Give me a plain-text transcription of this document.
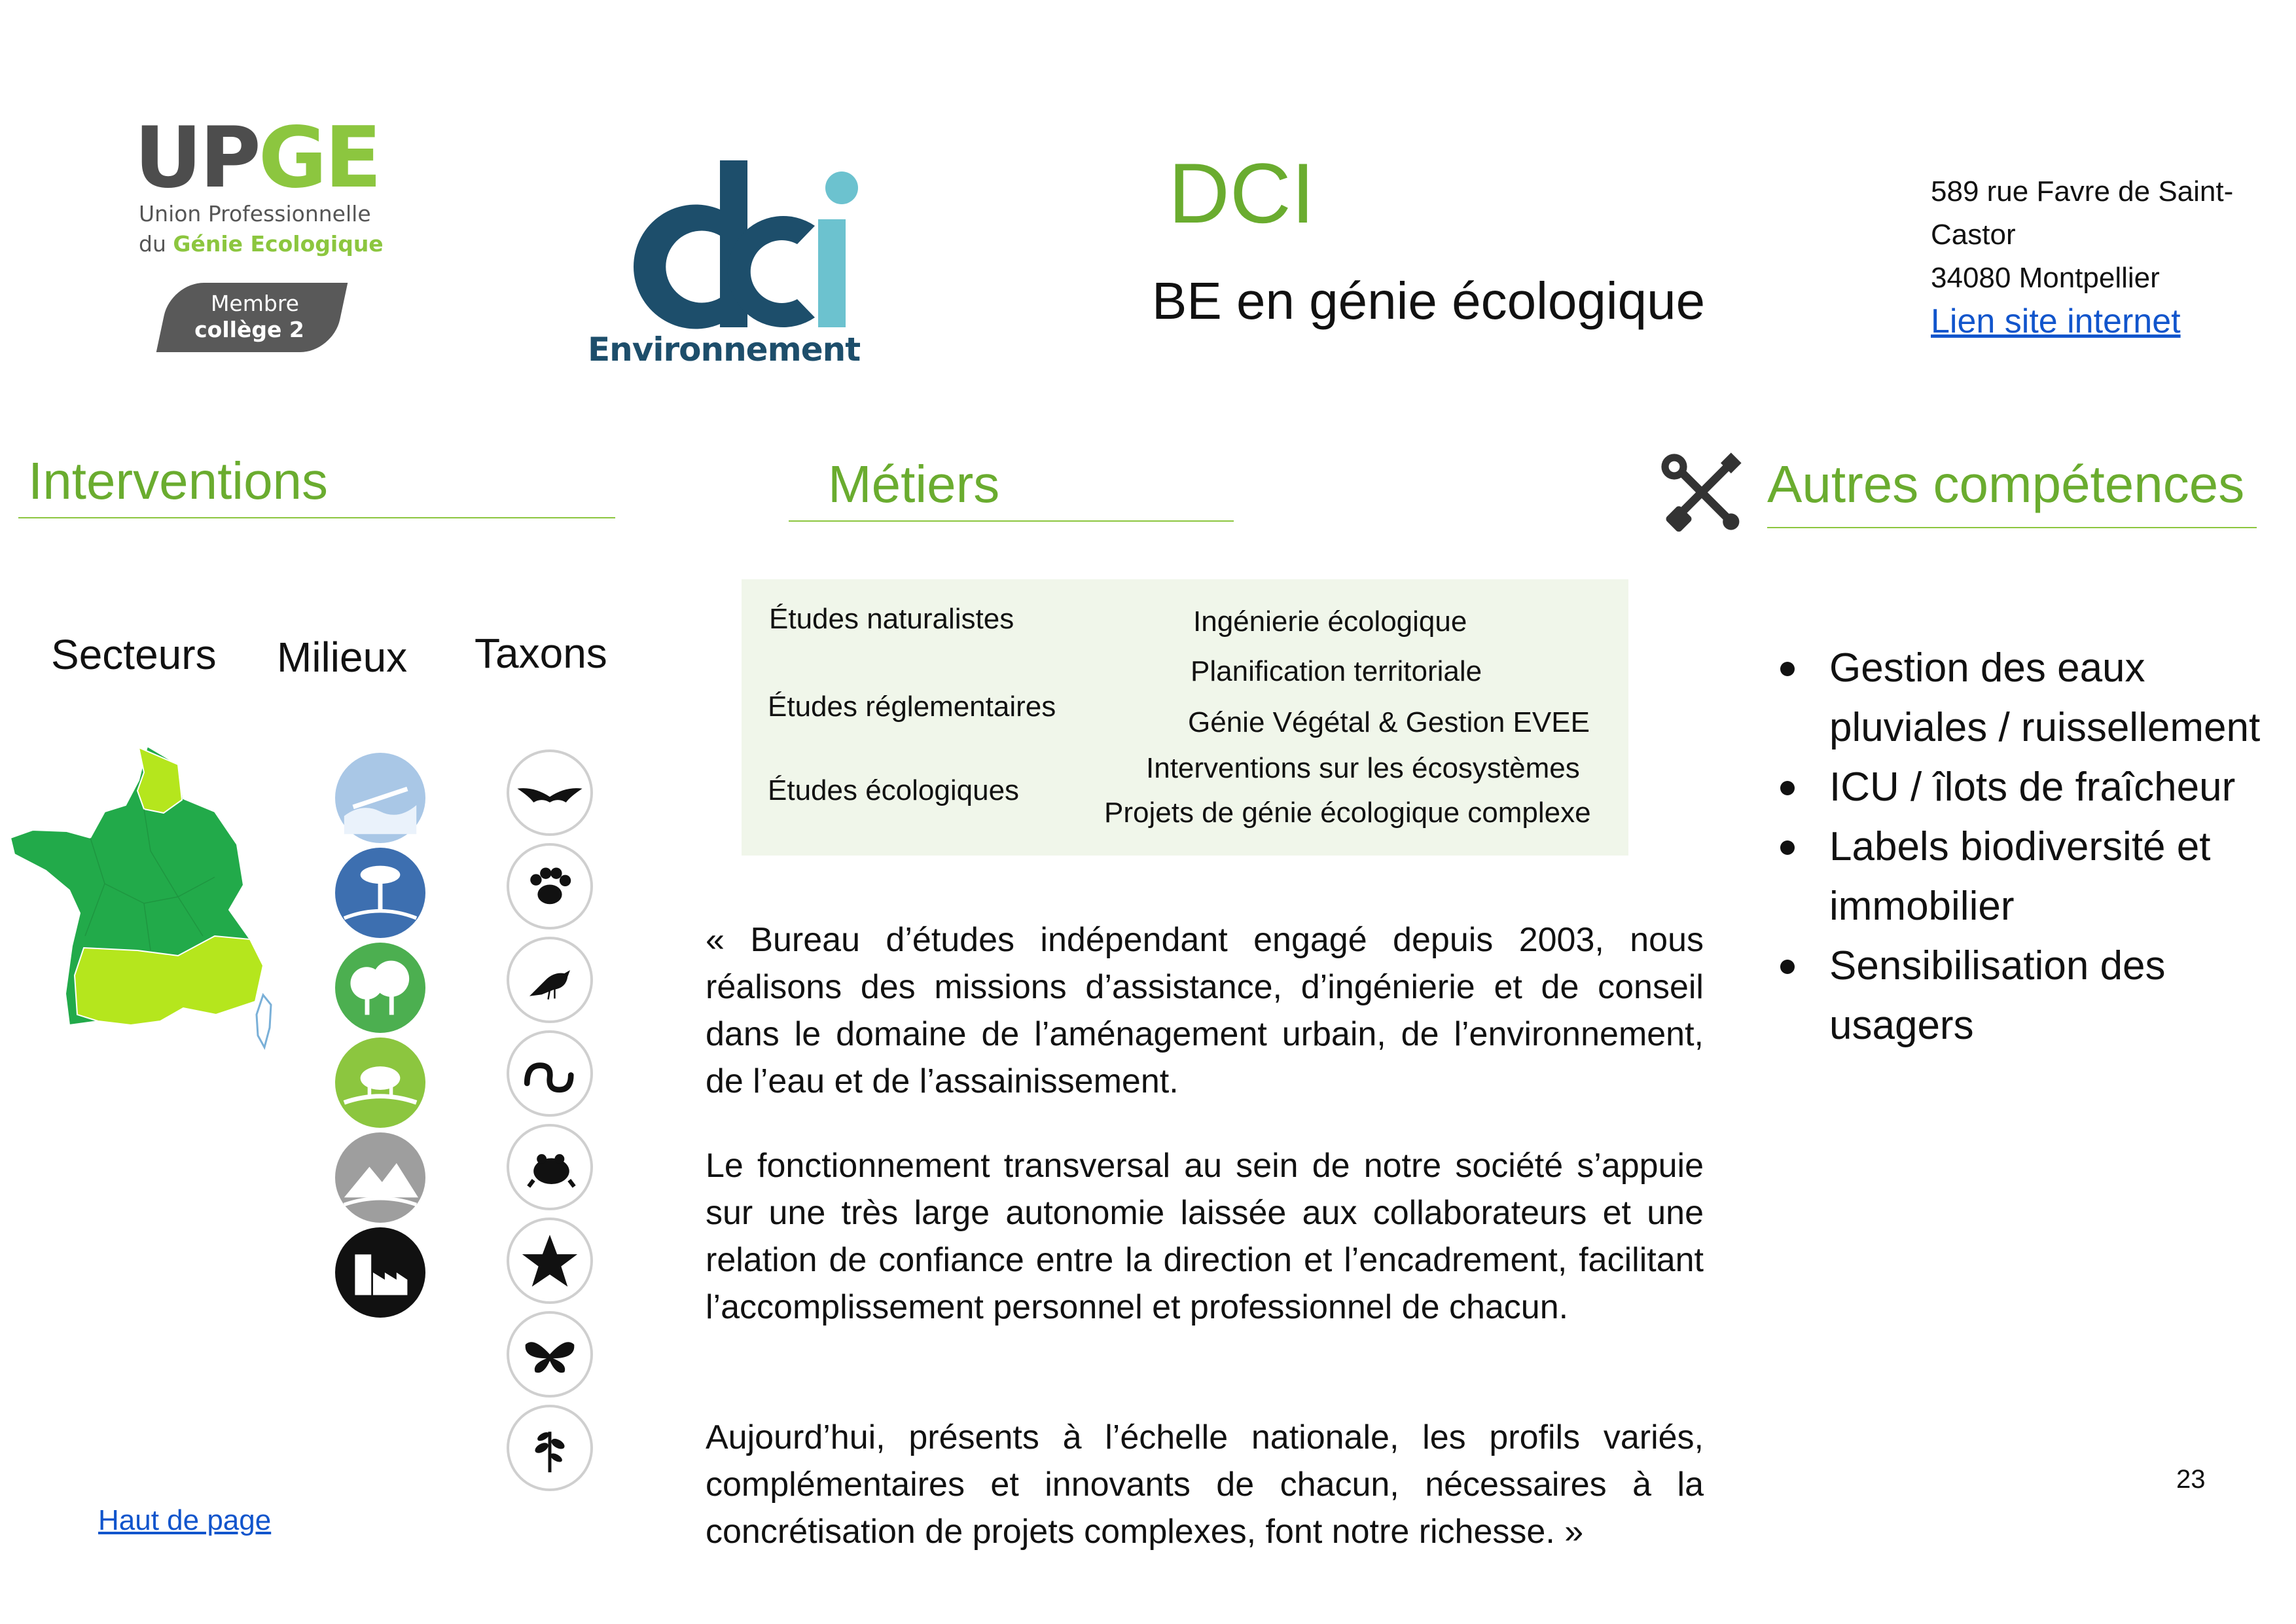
UPGE
Union Professionnelle
du Génie Ecologique
Membre
collège 2
Environnement
DCI
BE en génie écologique
589 rue Favre de Saint-
Castor
34080 Montpellier
Lien site internet
Interventions	Métiers	Autres compétences
Secteurs Milieux Taxons
Études naturalistes
Études réglementaires
Études écologiques
Ingénierie écologique
Planification territoriale
Génie Végétal & Gestion EVEE
Interventions sur les écosystèmes
Projets de génie écologique complexe
« Bureau d’études indépendant engagé depuis 2003, nous réalisons des missions d’assistance, d’ingénierie et de conseil dans le domaine de l’aménagement urbain, de l’environnement, de l’eau et de l’assainissement.
Le fonctionnement transversal au sein de notre société s’appuie sur une très large autonomie laissée aux collaborateurs et une relation de confiance entre la direction et l’encadrement, facilitant l’accomplissement personnel et professionnel de chacun.
Aujourd’hui, présents à l’échelle nationale, les profils variés, complémentaires et innovants de chacun, nécessaires à la concrétisation de projets complexes, font notre richesse. »
Gestion des eaux pluviales / ruissellement
ICU / îlots de fraîcheur
Labels biodiversité et immobilier
Sensibilisation des usagers
Haut de page
23
